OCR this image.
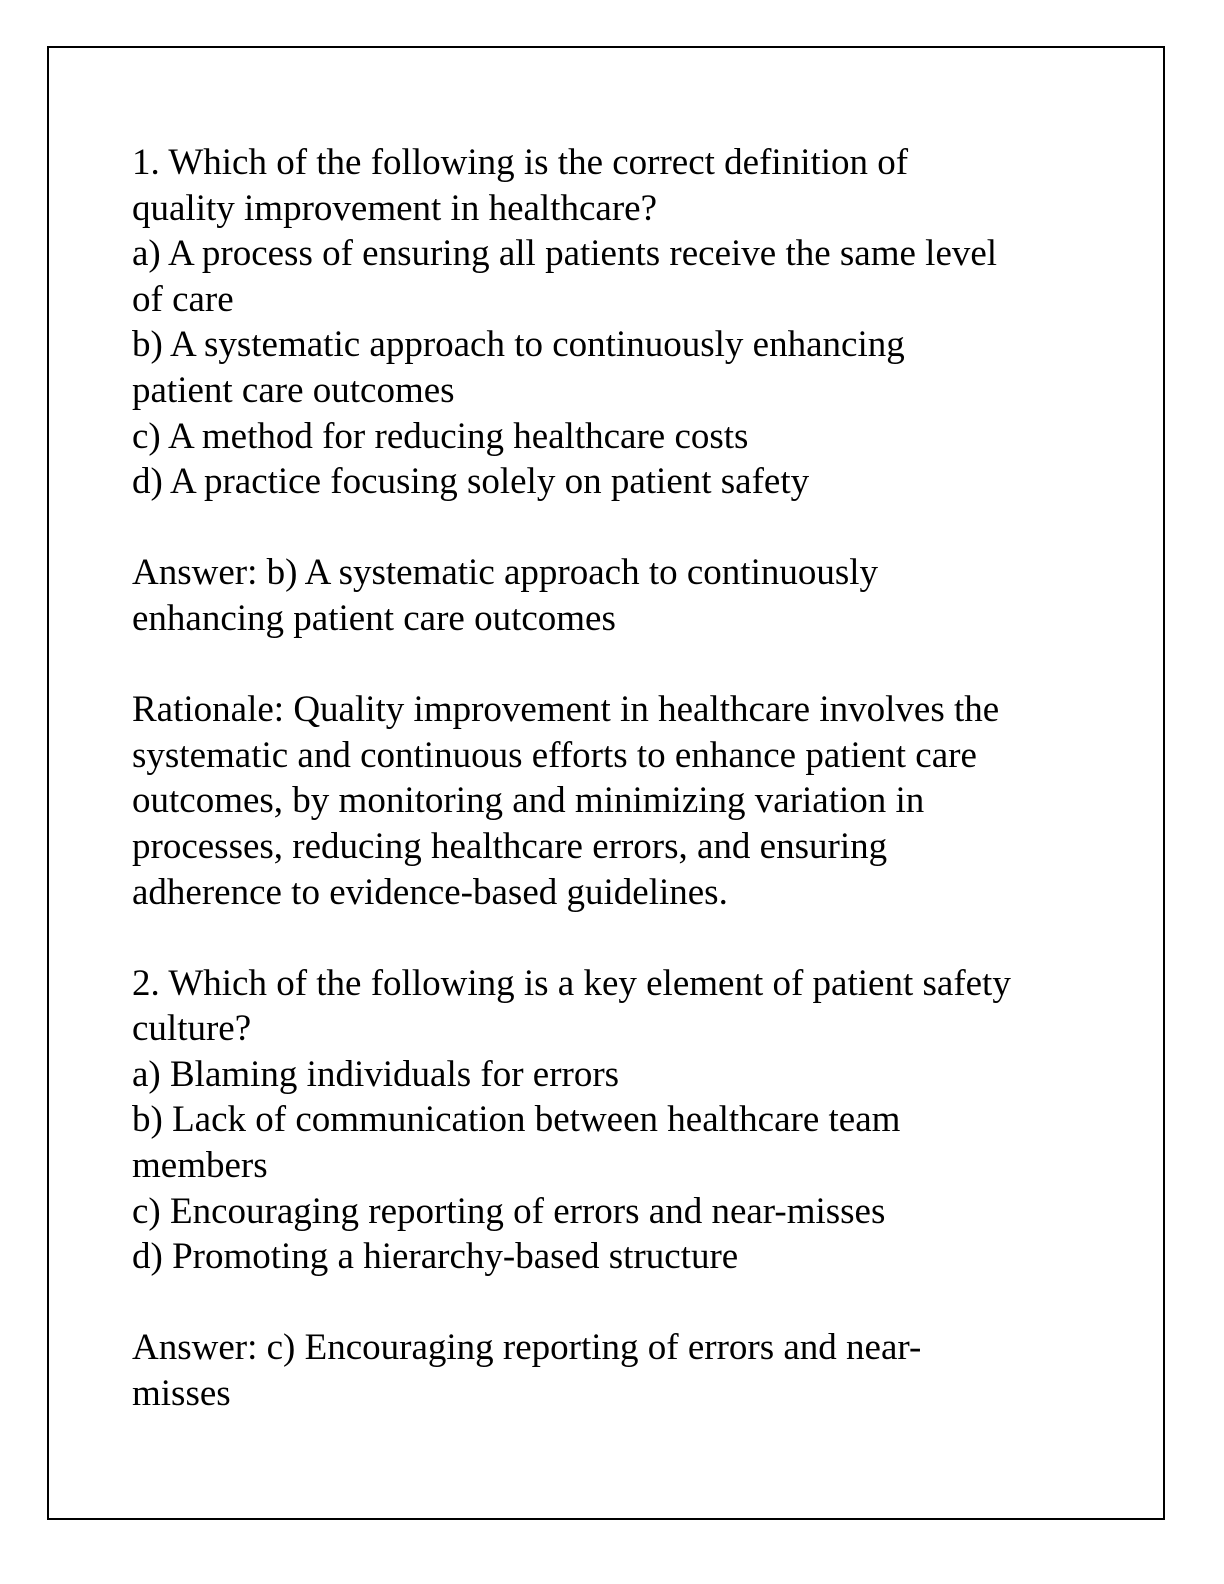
1. Which of the following is the correct definition of
quality improvement in healthcare?
a) A process of ensuring all patients receive the same level
of care
b) A systematic approach to continuously enhancing
patient care outcomes
c) A method for reducing healthcare costs
d) A practice focusing solely on patient safety
Answer: b) A systematic approach to continuously
enhancing patient care outcomes
Rationale: Quality improvement in healthcare involves the
systematic and continuous efforts to enhance patient care
outcomes, by monitoring and minimizing variation in
processes, reducing healthcare errors, and ensuring
adherence to evidence-based guidelines.
2. Which of the following is a key element of patient safety
culture?
a) Blaming individuals for errors
b) Lack of communication between healthcare team
members
c) Encouraging reporting of errors and near-misses
d) Promoting a hierarchy-based structure
Answer: c) Encouraging reporting of errors and near-
misses
